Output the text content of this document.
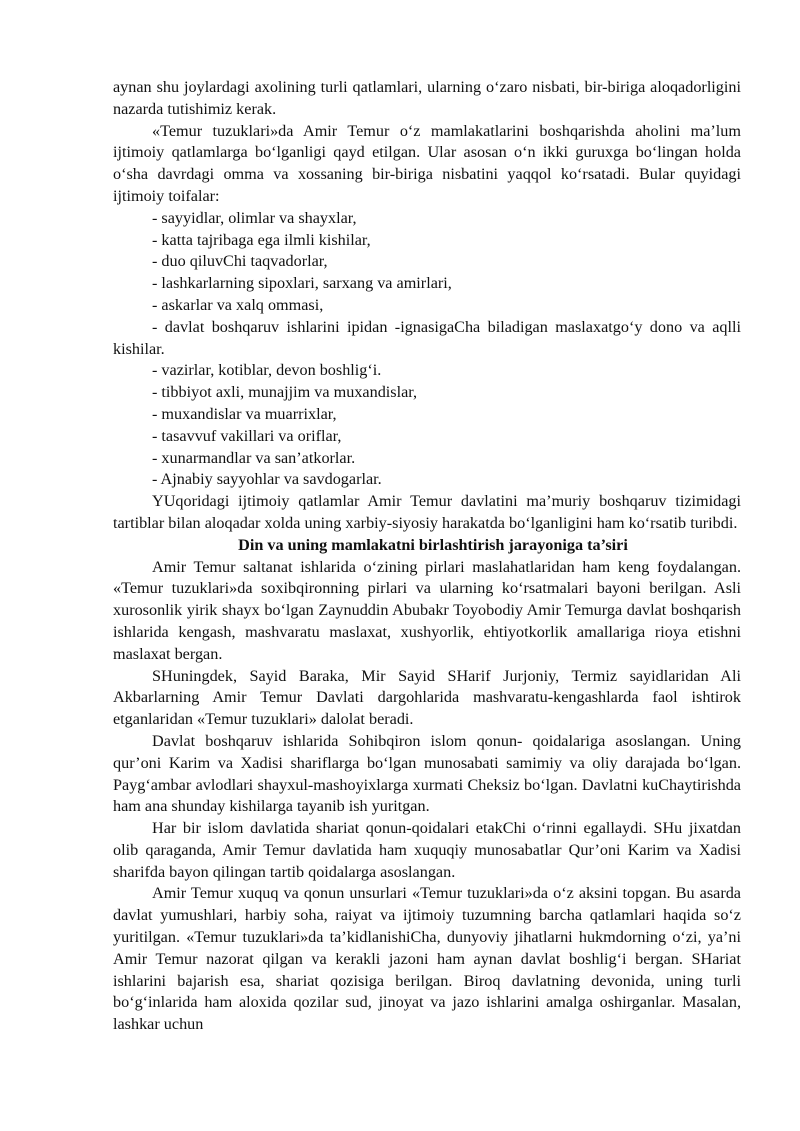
aynan shu joylardagi axolining turli qatlamlari, ularning o‘zaro nisbati, bir-biriga aloqadorligini nazarda tutishimiz kerak.

«Temur tuzuklari»da Amir Temur o‘z mamlakatlarini boshqarishda aholini ma’lum ijtimoiy qatlamlarga bo‘lganligi qayd etilgan. Ular asosan o‘n ikki guruxga bo‘lingan holda o‘sha davrdagi omma va xossaning bir-biriga nisbatini yaqqol ko‘rsatadi. Bular quyidagi ijtimoiy toifalar:

- sayyidlar, olimlar va shayxlar,

- katta tajribaga ega ilmli kishilar,

- duo qiluvChi taqvadorlar,

- lashkarlarning sipoxlari, sarxang va amirlari,

- askarlar va xalq ommasi,

- davlat boshqaruv ishlarini ipidan -ignasigaCha biladigan maslaxatgo‘y dono va aqlli kishilar.

- vazirlar, kotiblar, devon boshlig‘i.

- tibbiyot axli, munajjim va muxandislar,

- muxandislar va muarrixlar,

- tasavvuf vakillari va oriflar,

- xunarmandlar va san’atkorlar.

- Ajnabiy sayyohlar va savdogarlar.

YUqoridagi ijtimoiy qatlamlar Amir Temur davlatini ma’muriy boshqaruv tizimidagi tartiblar bilan aloqadar xolda uning xarbiy-siyosiy harakatda bo‘lganligini ham ko‘rsatib turibdi.

Din va uning mamlakatni birlashtirish jarayoniga ta’siri

Amir Temur saltanat ishlarida o‘zining pirlari maslahatlaridan ham keng foydalangan. «Temur tuzuklari»da soxibqironning pirlari va ularning ko‘rsatmalari bayoni berilgan. Asli xurosonlik yirik shayx bo‘lgan Zaynuddin Abubakr Toyobodiy Amir Temurga davlat boshqarish ishlarida kengash, mashvaratu maslaxat, xushyorlik, ehtiyotkorlik amallariga rioya etishni maslaxat bergan.

SHuningdek, Sayid Baraka, Mir Sayid SHarif Jurjoniy, Termiz sayidlaridan Ali Akbarlarning Amir Temur Davlati dargohlarida mashvaratu-kengashlarda faol ishtirok etganlaridan «Temur tuzuklari» dalolat beradi.

Davlat boshqaruv ishlarida Sohibqiron islom qonun- qoidalariga asoslangan. Uning qur’oni Karim va Xadisi shariflarga bo‘lgan munosabati samimiy va oliy darajada bo‘lgan. Payg‘ambar avlodlari shayxul-mashoyixlarga xurmati Cheksiz bo‘lgan. Davlatni kuChaytirishda ham ana shunday kishilarga tayanib ish yuritgan.

Har bir islom davlatida shariat qonun-qoidalari etakChi o‘rinni egallaydi. SHu jixatdan olib qaraganda, Amir Temur davlatida ham xuquqiy munosabatlar Qur’oni Karim va Xadisi sharifda bayon qilingan tartib qoidalarga asoslangan.

Amir Temur xuquq va qonun unsurlari «Temur tuzuklari»da o‘z aksini topgan. Bu asarda davlat yumushlari, harbiy soha, raiyat va ijtimoiy tuzumning barcha qatlamlari haqida so‘z yuritilgan. «Temur tuzuklari»da ta’kidlanishiCha, dunyoviy jihatlarni hukmdorning o‘zi, ya’ni Amir Temur nazorat qilgan va kerakli jazoni ham aynan davlat boshlig‘i bergan. SHariat ishlarini bajarish esa, shariat qozisiga berilgan. Biroq davlatning devonida, uning turli bo‘g‘inlarida ham aloxida qozilar sud, jinoyat va jazo ishlarini amalga oshirganlar. Masalan, lashkar uchun
